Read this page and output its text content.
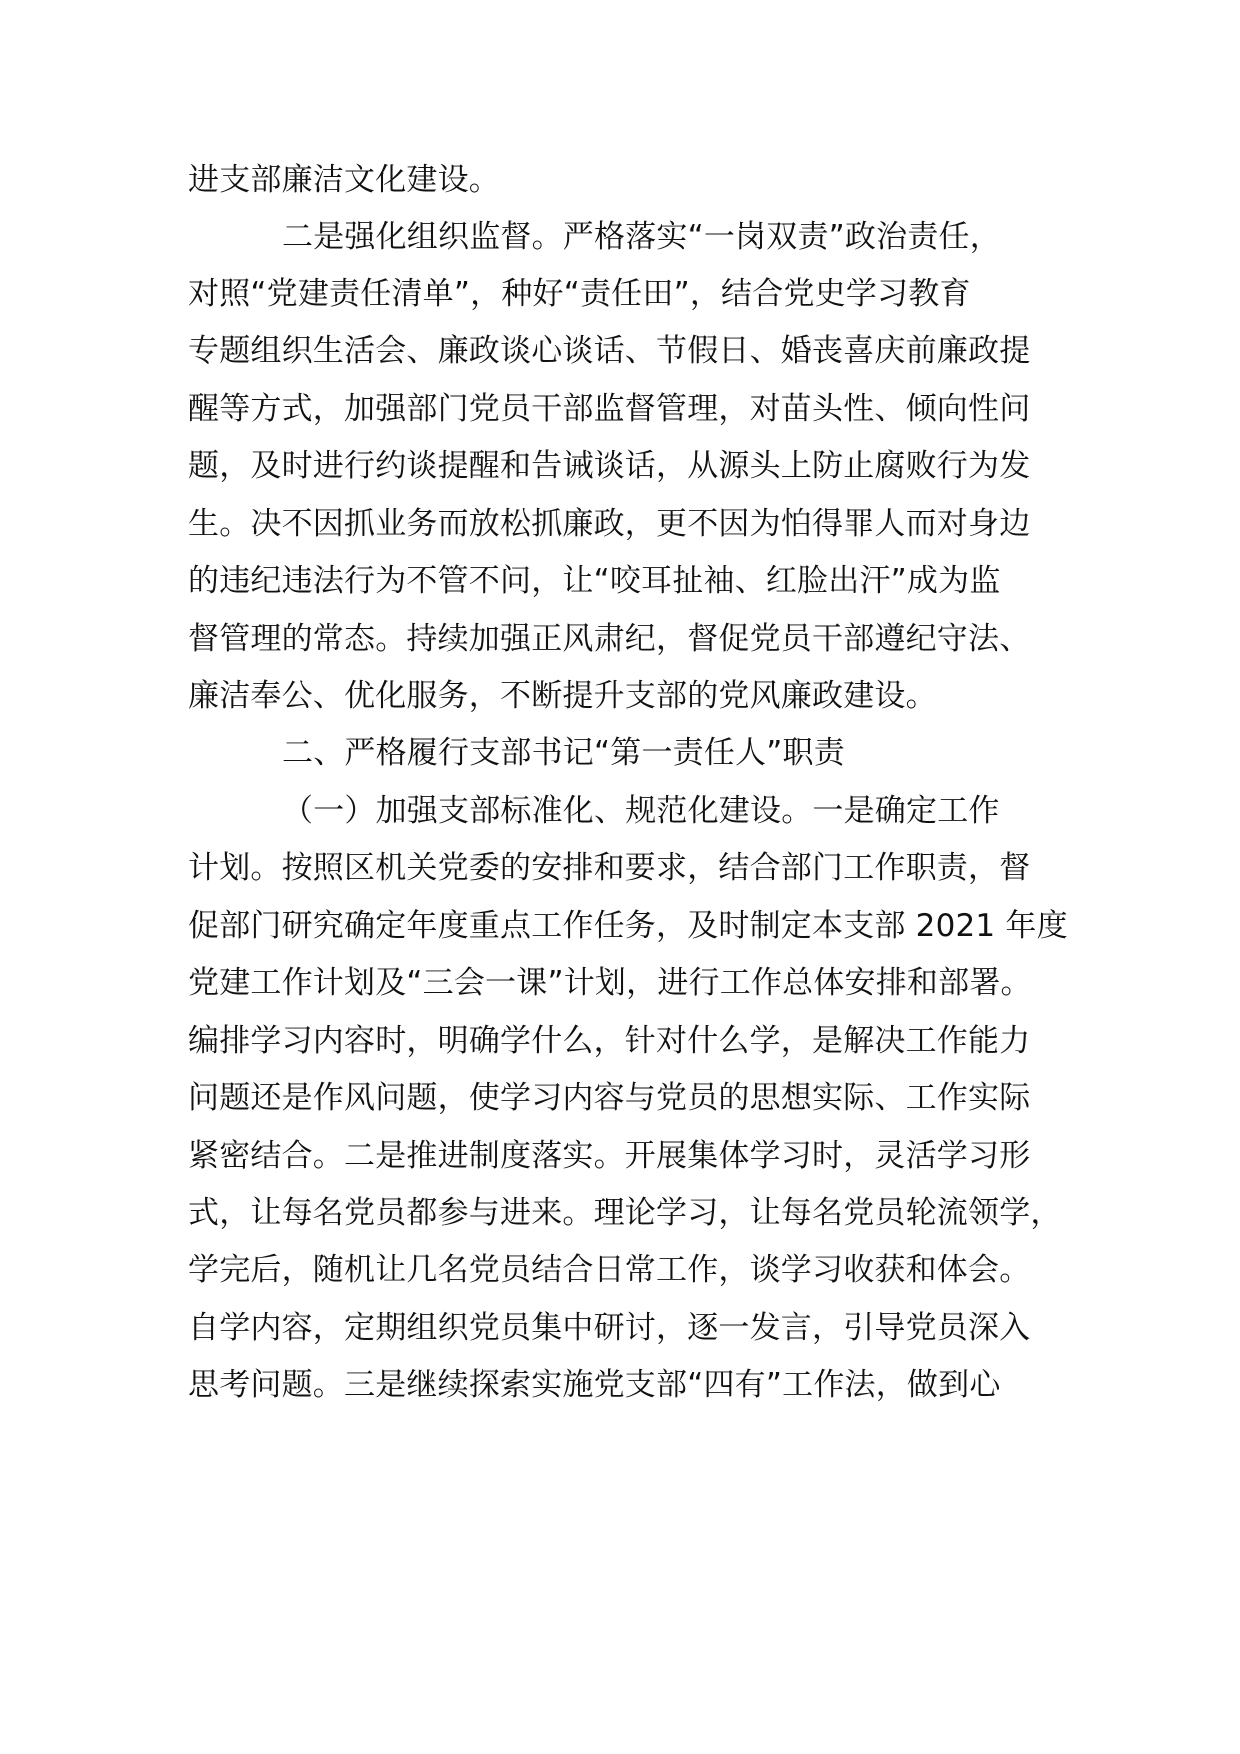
进支部廉洁文化建设。
二是强化组织监督。严格落实“一岗双责”政治责任，
对照“党建责任清单”，种好“责任田”，结合党史学习教育
专题组织生活会、廉政谈心谈话、节假日、婚丧喜庆前廉政提
醒等方式，加强部门党员干部监督管理，对苗头性、倾向性问
题，及时进行约谈提醒和告诫谈话，从源头上防止腐败行为发
生。决不因抓业务而放松抓廉政，更不因为怕得罪人而对身边
的违纪违法行为不管不问，让“咬耳扯袖、红脸出汗”成为监
督管理的常态。持续加强正风肃纪，督促党员干部遵纪守法、
廉洁奉公、优化服务，不断提升支部的党风廉政建设。
二、严格履行支部书记“第一责任人”职责
（一）加强支部标准化、规范化建设。一是确定工作
计划。按照区机关党委的安排和要求，结合部门工作职责，督
促部门研究确定年度重点工作任务，及时制定本支部 2021 年度
党建工作计划及“三会一课”计划，进行工作总体安排和部署。
编排学习内容时，明确学什么，针对什么学，是解决工作能力
问题还是作风问题，使学习内容与党员的思想实际、工作实际
紧密结合。二是推进制度落实。开展集体学习时，灵活学习形
式，让每名党员都参与进来。理论学习，让每名党员轮流领学，
学完后，随机让几名党员结合日常工作，谈学习收获和体会。
自学内容，定期组织党员集中研讨，逐一发言，引导党员深入
思考问题。三是继续探索实施党支部“四有”工作法，做到心
